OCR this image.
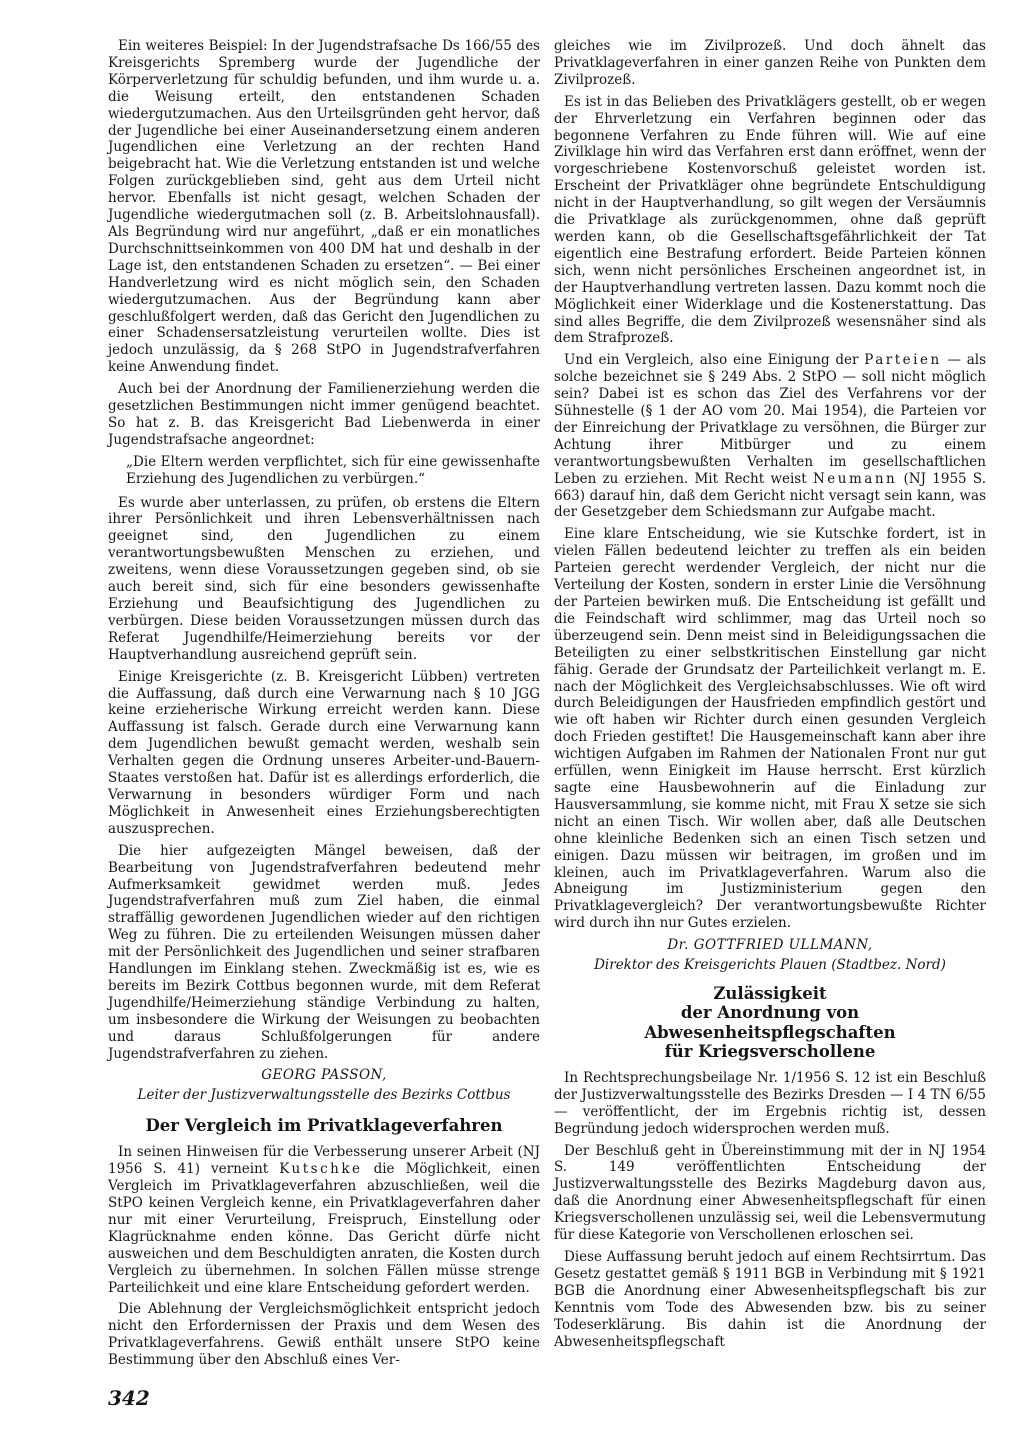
Ein weiteres Beispiel: In der Jugendstrafsache Ds 166/55 des Kreisgerichts Spremberg wurde der Jugendliche der Körperverletzung für schuldig befunden, und ihm wurde u. a. die Weisung erteilt, den entstandenen Schaden wiedergutzumachen. Aus den Urteilsgründen geht hervor, daß der Jugendliche bei einer Auseinandersetzung einem anderen Jugendlichen eine Verletzung an der rechten Hand beigebracht hat. Wie die Verletzung entstanden ist und welche Folgen zurückgeblieben sind, geht aus dem Urteil nicht hervor. Ebenfalls ist nicht gesagt, welchen Schaden der Jugendliche wiedergutmachen soll (z. B. Arbeitslohnausfall). Als Begründung wird nur angeführt, „daß er ein monatliches Durchschnittseinkommen von 400 DM hat und deshalb in der Lage ist, den entstandenen Schaden zu ersetzen“. — Bei einer Handverletzung wird es nicht möglich sein, den Schaden wiedergutzumachen. Aus der Begründung kann aber geschlußfolgert werden, daß das Gericht den Jugendlichen zu einer Schadensersatzleistung verurteilen wollte. Dies ist jedoch unzulässig, da § 268 StPO in Jugendstrafverfahren keine Anwendung findet.

Auch bei der Anordnung der Familienerziehung werden die gesetzlichen Bestimmungen nicht immer genügend beachtet. So hat z. B. das Kreisgericht Bad Liebenwerda in einer Jugendstrafsache angeordnet:

„Die Eltern werden verpflichtet, sich für eine gewissenhafte Erziehung des Jugendlichen zu verbürgen.“

Es wurde aber unterlassen, zu prüfen, ob erstens die Eltern ihrer Persönlichkeit und ihren Lebensverhältnissen nach geeignet sind, den Jugendlichen zu einem verantwortungsbewußten Menschen zu erziehen, und zweitens, wenn diese Voraussetzungen gegeben sind, ob sie auch bereit sind, sich für eine besonders gewissenhafte Erziehung und Beaufsichtigung des Jugendlichen zu verbürgen. Diese beiden Voraussetzungen müssen durch das Referat Jugendhilfe/Heimerziehung bereits vor der Hauptverhandlung ausreichend geprüft sein.

Einige Kreisgerichte (z. B. Kreisgericht Lübben) vertreten die Auffassung, daß durch eine Verwarnung nach § 10 JGG keine erzieherische Wirkung erreicht werden kann. Diese Auffassung ist falsch. Gerade durch eine Verwarnung kann dem Jugendlichen bewußt gemacht werden, weshalb sein Verhalten gegen die Ordnung unseres Arbeiter-und-Bauern-Staates verstoßen hat. Dafür ist es allerdings erforderlich, die Verwarnung in besonders würdiger Form und nach Möglichkeit in Anwesenheit eines Erziehungsberechtigten auszusprechen.

Die hier aufgezeigten Mängel beweisen, daß der Bearbeitung von Jugendstrafverfahren bedeutend mehr Aufmerksamkeit gewidmet werden muß. Jedes Jugendstrafverfahren muß zum Ziel haben, die einmal straffällig gewordenen Jugendlichen wieder auf den richtigen Weg zu führen. Die zu erteilenden Weisungen müssen daher mit der Persönlichkeit des Jugendlichen und seiner strafbaren Handlungen im Einklang stehen. Zweckmäßig ist es, wie es bereits im Bezirk Cottbus begonnen wurde, mit dem Referat Jugendhilfe/Heimerziehung ständige Verbindung zu halten, um insbesondere die Wirkung der Weisungen zu beobachten und daraus Schlußfolgerungen für andere Jugendstrafverfahren zu ziehen.

GEORG PASSON,

Leiter der Justizverwaltungsstelle des Bezirks Cottbus

Der Vergleich im Privatklageverfahren

In seinen Hinweisen für die Verbesserung unserer Arbeit (NJ 1956 S. 41) verneint Kutschke die Möglichkeit, einen Vergleich im Privatklageverfahren abzuschließen, weil die StPO keinen Vergleich kenne, ein Privatklageverfahren daher nur mit einer Verurteilung, Freispruch, Einstellung oder Klagrücknahme enden könne. Das Gericht dürfe nicht ausweichen und dem Beschuldigten anraten, die Kosten durch Vergleich zu übernehmen. In solchen Fällen müsse strenge Parteilichkeit und eine klare Entscheidung gefordert werden.

Die Ablehnung der Vergleichsmöglichkeit entspricht jedoch nicht den Erfordernissen der Praxis und dem Wesen des Privatklageverfahrens. Gewiß enthält unsere StPO keine Bestimmung über den Abschluß eines Ver-

gleiches wie im Zivilprozeß. Und doch ähnelt das Privatklageverfahren in einer ganzen Reihe von Punkten dem Zivilprozeß.

Es ist in das Belieben des Privatklägers gestellt, ob er wegen der Ehrverletzung ein Verfahren beginnen oder das begonnene Verfahren zu Ende führen will. Wie auf eine Zivilklage hin wird das Verfahren erst dann eröffnet, wenn der vorgeschriebene Kostenvorschuß geleistet worden ist. Erscheint der Privatkläger ohne begründete Entschuldigung nicht in der Hauptverhandlung, so gilt wegen der Versäumnis die Privatklage als zurückgenommen, ohne daß geprüft werden kann, ob die Gesellschaftsgefährlichkeit der Tat eigentlich eine Bestrafung erfordert. Beide Parteien können sich, wenn nicht persönliches Erscheinen angeordnet ist, in der Hauptverhandlung vertreten lassen. Dazu kommt noch die Möglichkeit einer Widerklage und die Kostenerstattung. Das sind alles Begriffe, die dem Zivilprozeß wesensnäher sind als dem Strafprozeß.

Und ein Vergleich, also eine Einigung der Parteien — als solche bezeichnet sie § 249 Abs. 2 StPO — soll nicht möglich sein? Dabei ist es schon das Ziel des Verfahrens vor der Sühnestelle (§ 1 der AO vom 20. Mai 1954), die Parteien vor der Einreichung der Privatklage zu versöhnen, die Bürger zur Achtung ihrer Mitbürger und zu einem verantwortungsbewußten Verhalten im gesellschaftlichen Leben zu erziehen. Mit Recht weist Neumann (NJ 1955 S. 663) darauf hin, daß dem Gericht nicht versagt sein kann, was der Gesetzgeber dem Schiedsmann zur Aufgabe macht.

Eine klare Entscheidung, wie sie Kutschke fordert, ist in vielen Fällen bedeutend leichter zu treffen als ein beiden Parteien gerecht werdender Vergleich, der nicht nur die Verteilung der Kosten, sondern in erster Linie die Versöhnung der Parteien bewirken muß. Die Entscheidung ist gefällt und die Feindschaft wird schlimmer, mag das Urteil noch so überzeugend sein. Denn meist sind in Beleidigungssachen die Beteiligten zu einer selbstkritischen Einstellung gar nicht fähig. Gerade der Grundsatz der Parteilichkeit verlangt m. E. nach der Möglichkeit des Vergleichsabschlusses. Wie oft wird durch Beleidigungen der Hausfrieden empfindlich gestört und wie oft haben wir Richter durch einen gesunden Vergleich doch Frieden gestiftet! Die Hausgemeinschaft kann aber ihre wichtigen Aufgaben im Rahmen der Nationalen Front nur gut erfüllen, wenn Einigkeit im Hause herrscht. Erst kürzlich sagte eine Hausbewohnerin auf die Einladung zur Hausversammlung, sie komme nicht, mit Frau X setze sie sich nicht an einen Tisch. Wir wollen aber, daß alle Deutschen ohne kleinliche Bedenken sich an einen Tisch setzen und einigen. Dazu müssen wir beitragen, im großen und im kleinen, auch im Privatklageverfahren. Warum also die Abneigung im Justizministerium gegen den Privatklagevergleich? Der verantwortungsbewußte Richter wird durch ihn nur Gutes erzielen.

Dr. GOTTFRIED ULLMANN,

Direktor des Kreisgerichts Plauen (Stadtbez. Nord)

Zulässigkeit
der Anordnung von Abwesenheitspflegschaften
für Kriegsverschollene

In Rechtsprechungsbeilage Nr. 1/1956 S. 12 ist ein Beschluß der Justizverwaltungsstelle des Bezirks Dresden — I 4 TN 6/55 — veröffentlicht, der im Ergebnis richtig ist, dessen Begründung jedoch widersprochen werden muß.

Der Beschluß geht in Übereinstimmung mit der in NJ 1954 S. 149 veröffentlichten Entscheidung der Justizverwaltungsstelle des Bezirks Magdeburg davon aus, daß die Anordnung einer Abwesenheitspflegschaft für einen Kriegsverschollenen unzulässig sei, weil die Lebensvermutung für diese Kategorie von Verschollenen erloschen sei.

Diese Auffassung beruht jedoch auf einem Rechtsirrtum. Das Gesetz gestattet gemäß § 1911 BGB in Verbindung mit § 1921 BGB die Anordnung einer Abwesenheitspflegschaft bis zur Kenntnis vom Tode des Abwesenden bzw. bis zu seiner Todeserklärung. Bis dahin ist die Anordnung der Abwesenheitspflegschaft

342
